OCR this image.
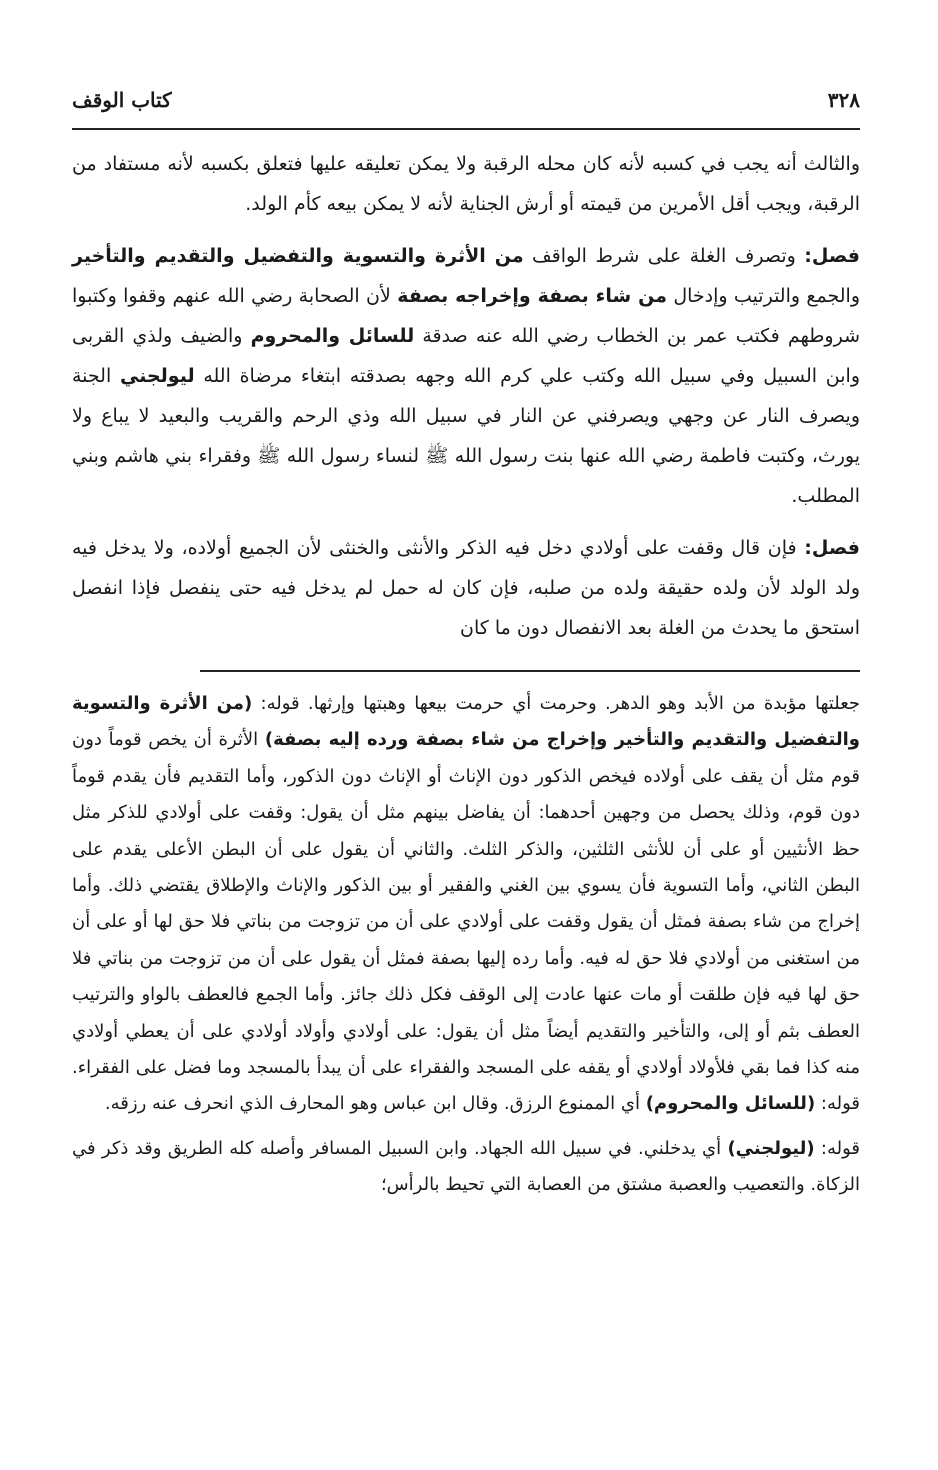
٣٢٨
كتاب الوقف

والثالث أنه يجب في كسبه لأنه كان محله الرقبة ولا يمكن تعليقه عليها فتعلق بكسبه لأنه مستفاد من الرقبة، ويجب أقل الأمرين من قيمته أو أرش الجناية لأنه لا يمكن بيعه كأم الولد.

فصل: وتصرف الغلة على شرط الواقف من الأثرة والتسوية والتفضيل والتقديم والتأخير والجمع والترتيب وإدخال من شاء بصفة وإخراجه بصفة لأن الصحابة رضي الله عنهم وقفوا وكتبوا شروطهم فكتب عمر بن الخطاب رضي الله عنه صدقة للسائل والمحروم والضيف ولذي القربى وابن السبيل وفي سبيل الله وكتب علي كرم الله وجهه بصدقته ابتغاء مرضاة الله ليولجني الجنة ويصرف النار عن وجهي ويصرفني عن النار في سبيل الله وذي الرحم والقريب والبعيد لا يباع ولا يورث، وكتبت فاطمة رضي الله عنها بنت رسول الله ﷺ لنساء رسول الله ﷺ وفقراء بني هاشم وبني المطلب.

فصل: فإن قال وقفت على أولادي دخل فيه الذكر والأنثى والخنثى لأن الجميع أولاده، ولا يدخل فيه ولد الولد لأن ولده حقيقة ولده من صلبه، فإن كان له حمل لم يدخل فيه حتى ينفصل فإذا انفصل استحق ما يحدث من الغلة بعد الانفصال دون ما كان

جعلتها مؤبدة من الأبد وهو الدهر. وحرمت أي حرمت بيعها وهبتها وإرثها. قوله: (من الأثرة والتسوية والتفضيل والتقديم والتأخير وإخراج من شاء بصفة ورده إليه بصفة) الأثرة أن يخص قوماً دون قوم مثل أن يقف على أولاده فيخص الذكور دون الإناث أو الإناث دون الذكور، وأما التقديم فأن يقدم قوماً دون قوم، وذلك يحصل من وجهين أحدهما: أن يفاضل بينهم مثل أن يقول: وقفت على أولادي للذكر مثل حظ الأنثيين أو على أن للأنثى الثلثين، والذكر الثلث. والثاني أن يقول على أن البطن الأعلى يقدم على البطن الثاني، وأما التسوية فأن يسوي بين الغني والفقير أو بين الذكور والإناث والإطلاق يقتضي ذلك. وأما إخراج من شاء بصفة فمثل أن يقول وقفت على أولادي على أن من تزوجت من بناتي فلا حق لها أو على أن من استغنى من أولادي فلا حق له فيه. وأما رده إليها بصفة فمثل أن يقول على أن من تزوجت من بناتي فلا حق لها فيه فإن طلقت أو مات عنها عادت إلى الوقف فكل ذلك جائز. وأما الجمع فالعطف بالواو والترتيب العطف بثم أو إلى، والتأخير والتقديم أيضاً مثل أن يقول: على أولادي وأولاد أولادي على أن يعطي أولادي منه كذا فما بقي فلأولاد أولادي أو يقفه على المسجد والفقراء على أن يبدأ بالمسجد وما فضل على الفقراء. قوله: (للسائل والمحروم) أي الممنوع الرزق. وقال ابن عباس وهو المحارف الذي انحرف عنه رزقه.

قوله: (ليولجني) أي يدخلني. في سبيل الله الجهاد. وابن السبيل المسافر وأصله كله الطريق وقد ذكر في الزكاة. والتعصيب والعصبة مشتق من العصابة التي تحيط بالرأس؛
